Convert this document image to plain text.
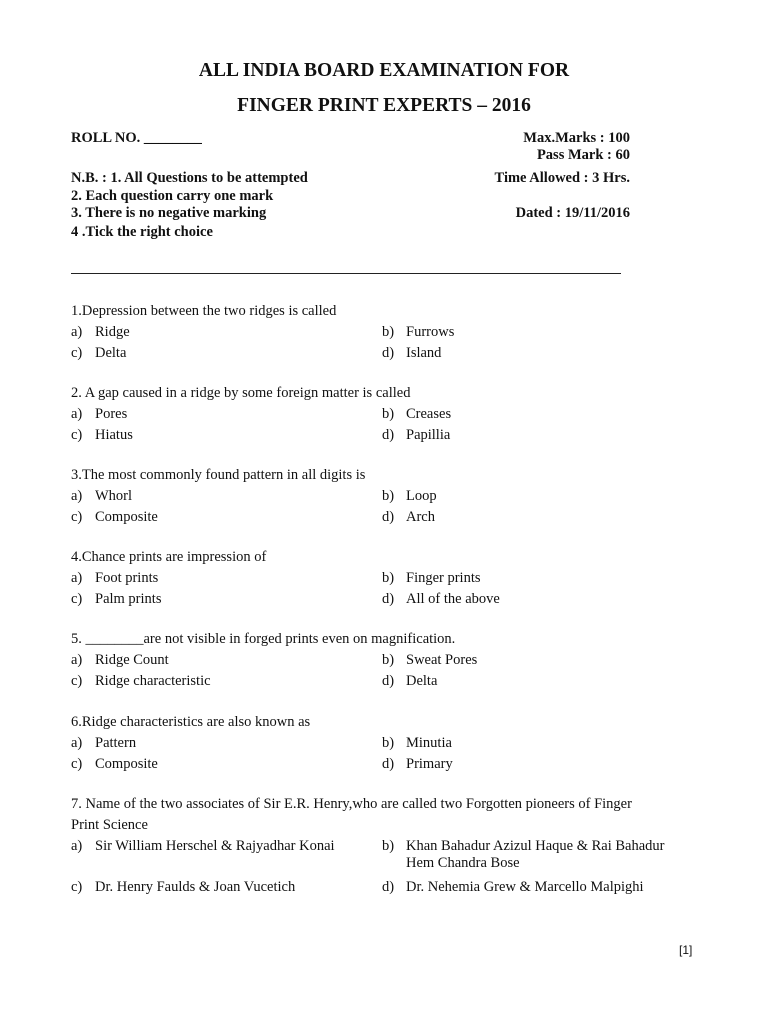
ALL INDIA BOARD EXAMINATION FOR
FINGER PRINT EXPERTS – 2016
ROLL NO. ________	Max.Marks : 100
Pass Mark : 60
N.B. : 1. All Questions to be attempted	Time Allowed : 3 Hrs.
2. Each question carry one mark
3. There is no negative marking	Dated : 19/11/2016
4 .Tick the right choice
1.Depression between the two ridges is called
a) Ridge	b) Furrows
c) Delta	d) Island
2. A gap caused in a ridge by some foreign matter is called
a) Pores	b) Creases
c) Hiatus	d) Papillia
3.The most commonly found pattern in all digits is
a) Whorl	b) Loop
c) Composite	d) Arch
4.Chance prints are impression of
a) Foot prints	b) Finger prints
c) Palm prints	d) All of the above
5. ________are not visible in forged prints even on magnification.
a) Ridge Count	b) Sweat Pores
c) Ridge characteristic	d) Delta
6.Ridge characteristics are also known as
a) Pattern	b) Minutia
c) Composite	d) Primary
7. Name of the two associates of Sir E.R. Henry,who are called two Forgotten pioneers of Finger
Print Science
a) Sir William Herschel & Rajyadhar Konai	b) Khan Bahadur Azizul Haque & Rai Bahadur
Hem Chandra Bose
c) Dr. Henry Faulds & Joan Vucetich	d) Dr. Nehemia Grew & Marcello Malpighi
[1]
